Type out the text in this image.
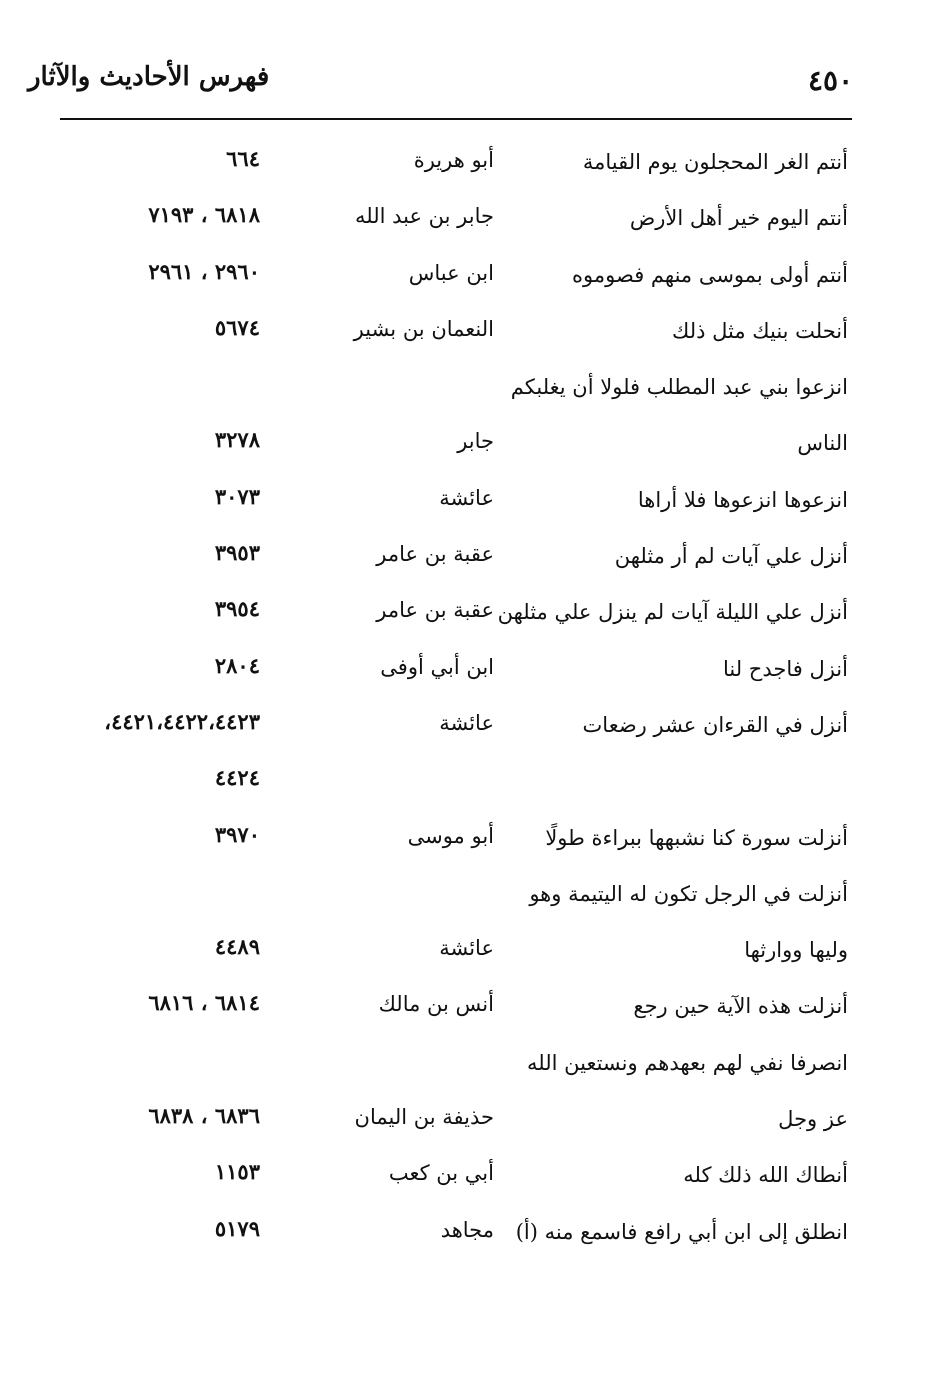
٤٥٠
فهرس الأحاديث والآثار
أنتم الغر المحجلون يوم القيامة
أبو هريرة
٦٦٤
أنتم اليوم خير أهل الأرض
جابر بن عبد الله
٦٨١٨ ، ٧١٩٣
أنتم أولى بموسى منهم فصوموه
ابن عباس
٢٩٦٠ ، ٢٩٦١
أنحلت بنيك مثل ذلك
النعمان بن بشير
٥٦٧٤
انزعوا بني عبد المطلب فلولا أن يغلبكم
الناس
جابر
٣٢٧٨
انزعوها انزعوها فلا أراها
عائشة
٣٠٧٣
أنزل علي آيات لم أر مثلهن
عقبة بن عامر
٣٩٥٣
أنزل علي الليلة آيات لم ينزل علي مثلهن
عقبة بن عامر
٣٩٥٤
أنزل فاجدح لنا
ابن أبي أوفى
٢٨٠٤
أنزل في القرءان عشر رضعات
عائشة
٤٤٢١،٤٤٢٢،٤٤٢٣،
٤٤٢٤
أنزلت سورة كنا نشبهها ببراءة طولًا
أبو موسى
٣٩٧٠
أنزلت في الرجل تكون له اليتيمة وهو
وليها ووارثها
عائشة
٤٤٨٩
أنزلت هذه الآية حين رجع
أنس بن مالك
٦٨١٤ ، ٦٨١٦
انصرفا نفي لهم بعهدهم ونستعين الله
عز وجل
حذيفة بن اليمان
٦٨٣٦ ، ٦٨٣٨
أنطاك الله ذلك كله
أبي بن كعب
١١٥٣
انطلق إلى ابن أبي رافع فاسمع منه (أ)
مجاهد
٥١٧٩
